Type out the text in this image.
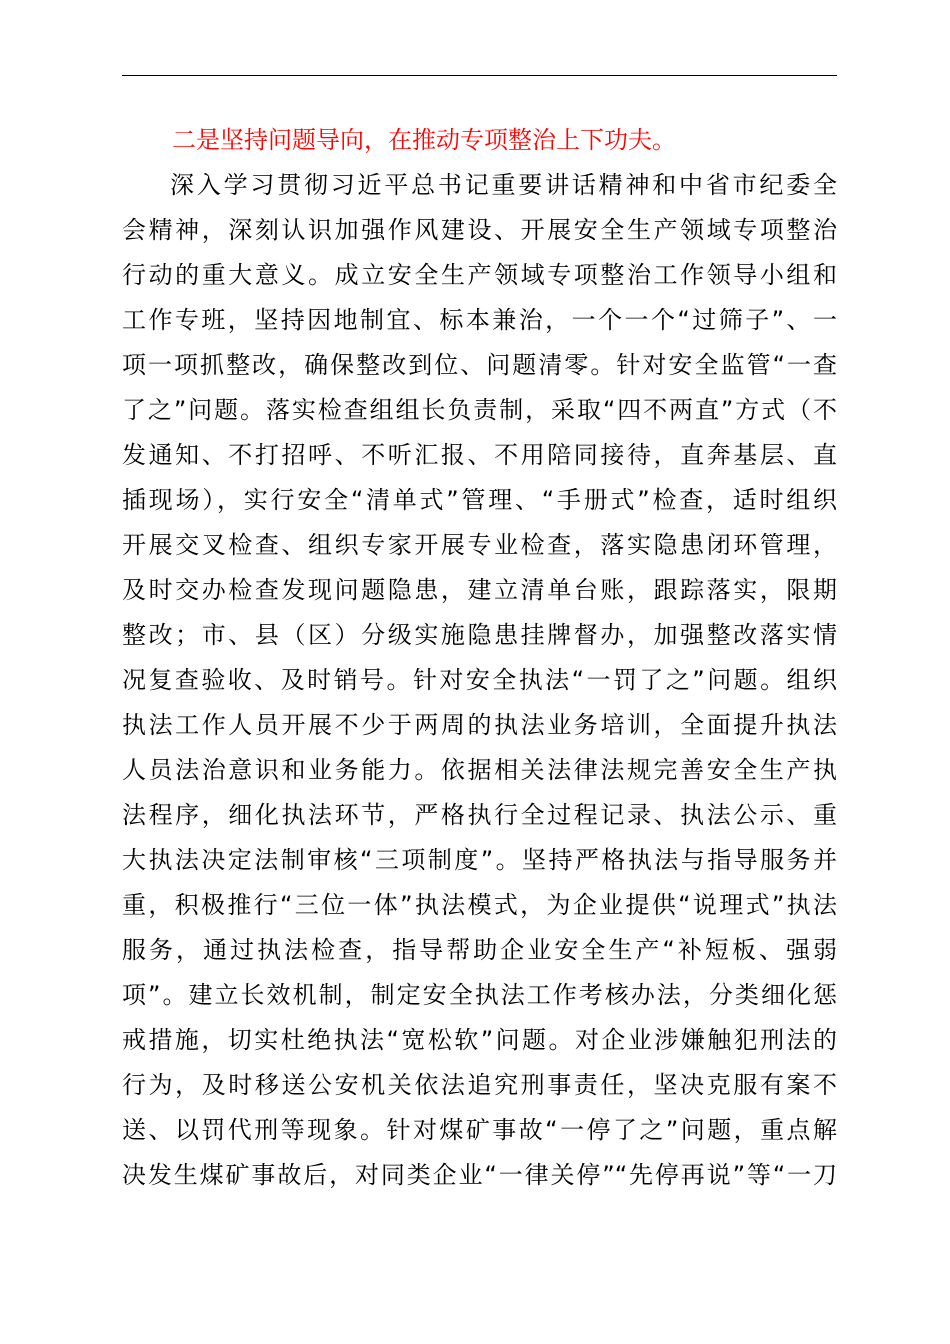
二是坚持问题导向，在推动专项整治上下功夫。

深入学习贯彻习近平总书记重要讲话精神和中省市纪委全

会精神，深刻认识加强作风建设、开展安全生产领域专项整治

行动的重大意义。成立安全生产领域专项整治工作领导小组和

工作专班，坚持因地制宜、标本兼治，一个一个“过筛子”、一

项一项抓整改，确保整改到位、问题清零。针对安全监管“一查

了之”问题。落实检查组组长负责制，采取“四不两直”方式（不

发通知、不打招呼、不听汇报、不用陪同接待，直奔基层、直

插现场），实行安全“清单式”管理、“手册式”检查，适时组织

开展交叉检查、组织专家开展专业检查，落实隐患闭环管理，

及时交办检查发现问题隐患，建立清单台账，跟踪落实，限期

整改；市、县（区）分级实施隐患挂牌督办，加强整改落实情

况复查验收、及时销号。针对安全执法“一罚了之”问题。组织

执法工作人员开展不少于两周的执法业务培训，全面提升执法

人员法治意识和业务能力。依据相关法律法规完善安全生产执

法程序，细化执法环节，严格执行全过程记录、执法公示、重

大执法决定法制审核“三项制度”。坚持严格执法与指导服务并

重，积极推行“三位一体”执法模式，为企业提供“说理式”执法

服务，通过执法检查，指导帮助企业安全生产“补短板、强弱

项”。建立长效机制，制定安全执法工作考核办法，分类细化惩

戒措施，切实杜绝执法“宽松软”问题。对企业涉嫌触犯刑法的

行为，及时移送公安机关依法追究刑事责任，坚决克服有案不

送、以罚代刑等现象。针对煤矿事故“一停了之”问题，重点解

决发生煤矿事故后，对同类企业“一律关停”“先停再说”等“一刀
